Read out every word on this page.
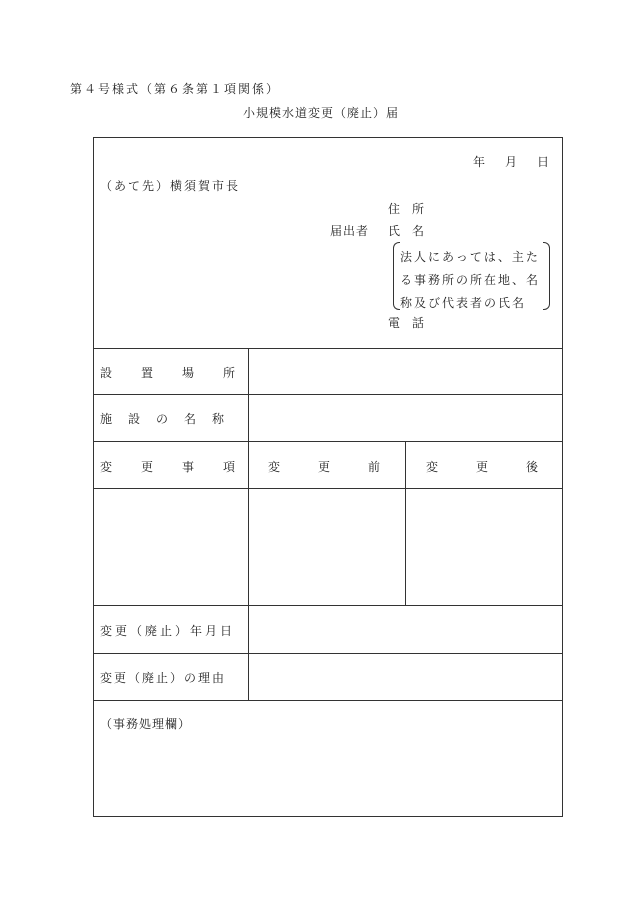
第４号様式（第６条第１項関係）
小規模水道変更（廃止）届
年月日
（あて先）横須賀市長
住所
届出者 氏名
法人にあっては、主た
る事務所の所在地、名
称及び代表者の氏名
電話
設置場所
施設の名称
変更事項 変更前 変更後
変更（廃止）年月日
変更（廃止）の理由
（事務処理欄）
